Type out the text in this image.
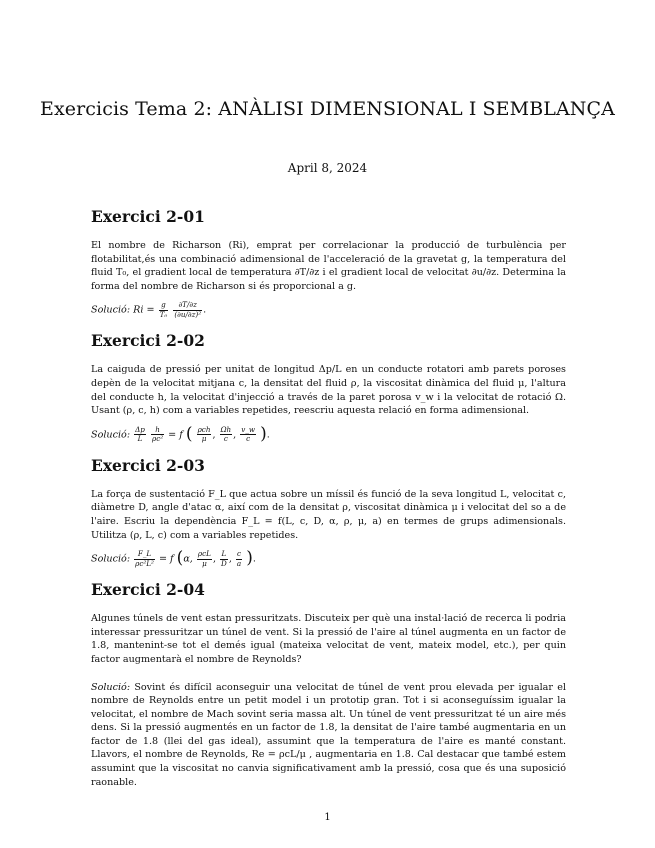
Exercicis Tema 2: ANÀLISI DIMENSIONAL I SEMBLANÇA
April 8, 2024
Exercici 2-01

El nombre de Richarson (Ri), emprat per correlacionar la producció de turbulència per flotabilitat,és una combinació adimensional de l'acceleració de la gravetat g, la temperatura del fluid T₀, el gradient local de temperatura ∂T/∂z i el gradient local de velocitat ∂u/∂z. Determina la forma del nombre de Richarson si és proporcional a g.

Solució: $Ri = \frac{g}{\text{T₀}}$
$\frac{\partial T/\partial z}{\text{(∂u/∂z)²}}$ .

Exercici 2-02

La caiguda de pressió per unitat de longitud Δp/L en un conducte rotatori amb parets poroses depèn de la velocitat mitjana c, la densitat del fluid ρ, la viscositat dinàmica del fluid μ, l'altura del conducte h, la velocitat d'injecció a través de la paret porosa v_w i la velocitat de rotació Ω. Usant (ρ, c, h) com a variables repetides, reescriu aquesta relació en forma adimensional.

Solució: $\frac{\Delta p}{L}$
$\frac{h}{\text{ρc²}} = f$ ( ρch
μ , $\frac{\Omega h}{c}$ , $\frac{v\_w}{c}$ ).

Exercici 2-03

La força de sustentació F_L que actua sobre un míssil és funció de la seva longitud L, velocitat c, diàmetre D, angle d'atac α, així com de la densitat ρ, viscositat dinàmica μ i velocitat del so a de l'aire. Escriu la dependència F_L = f(L, c, D, α, ρ, μ, a) en termes de grups adimensionals. Utilitza (ρ, L, c) com a variables repetides.

Solució: $\frac{F\_L}{\text{ρc²L²}} = f$ (α, ρcL
μ , $\frac{L}{D}$ , $\frac{c}{a}$ ).

Exercici 2-04

Algunes túnels de vent estan pressuritzats. Discuteix per què una instal·lació de recerca li podria interessar pressuritzar un túnel de vent. Si la pressió de l'aire al túnel augmenta en un factor de 1.8, mantenint-se tot el demés igual (mateixa velocitat de vent, mateix model, etc.), per quin factor augmentarà el nombre de Reynolds?

Solució: Sovint és difícil aconseguir una velocitat de túnel de vent prou elevada per igualar el nombre de Reynolds entre un petit model i un prototip gran. Tot i si aconseguíssim igualar la velocitat, el nombre de Mach sovint seria massa alt. Un túnel de vent pressuritzat té un aire més dens. Si la pressió augmentés en un factor de 1.8, la densitat de l'aire també augmentaria en un factor de 1.8 (llei del gas ideal), assumint que la temperatura de l'aire es manté constant. Llavors, el nombre de Reynolds, Re = ρcL/μ , augmentaria en 1.8. Cal destacar que també estem assumint que la viscositat no canvia significativament amb la pressió, cosa que és una suposició raonable.

1
